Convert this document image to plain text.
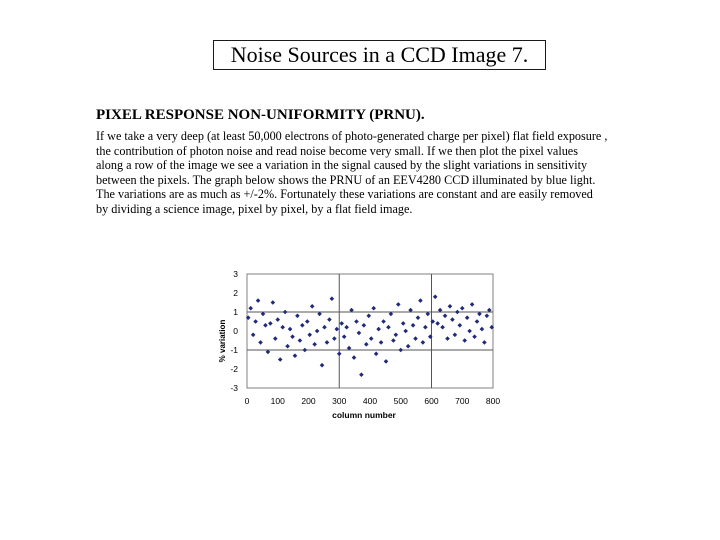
Noise Sources in a CCD Image 7.
PIXEL RESPONSE NON-UNIFORMITY (PRNU).
If we take a very deep (at least 50,000 electrons of photo-generated charge per pixel) flat field exposure ,
the contribution of photon noise and read noise become very small. If we then plot the pixel values
along a row of the image we see a variation in the signal caused by the slight variations in sensitivity
between the pixels. The graph below shows the PRNU of an EEV4280 CCD illuminated by blue light.
The variations are as much as +/-2%. Fortunately these variations are constant and are easily removed
by dividing a science image, pixel by pixel, by a flat field image.
3
2
1
0
-1
-2
-3
0	100 200 300 400 500 600 700 800
column number
% variation
